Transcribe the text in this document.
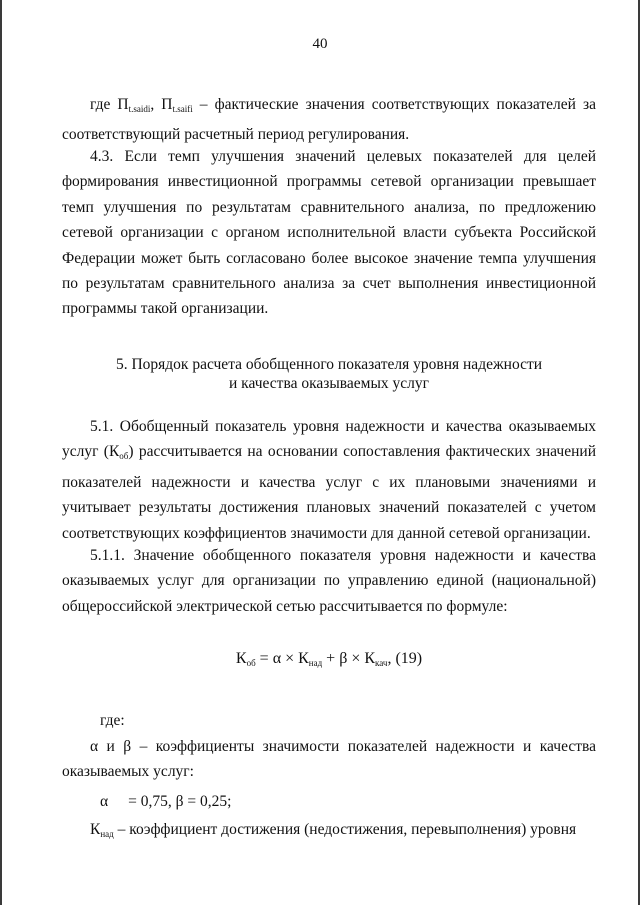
40

где $П_{t.saidi}$, $П_{t.saifi}$ – фактические значения соответствующих показателей за соответствующий расчетный период регулирования.

4.3. Если темп улучшения значений целевых показателей для целей формирования инвестиционной программы сетевой организации превышает темп улучшения по результатам сравнительного анализа, по предложению сетевой организации с органом исполнительной власти субъекта Российской Федерации может быть согласовано более высокое значение темпа улучшения по результатам сравнительного анализа за счет выполнения инвестиционной программы такой организации.

5. Порядок расчета обобщенного показателя уровня надежности
и качества оказываемых услуг

5.1. Обобщенный показатель уровня надежности и качества оказываемых услуг $(К_{об})$ рассчитывается на основании сопоставления фактических значений показателей надежности и качества услуг с их плановыми значениями и учитывает результаты достижения плановых значений показателей с учетом соответствующих коэффициентов значимости для данной сетевой организации.

5.1.1. Значение обобщенного показателя уровня надежности и качества оказываемых услуг для организации по управлению единой (национальной) общероссийской электрической сетью рассчитывается по формуле:

$К_{об} = \alpha \times К_{над} + \beta \times К_{кач}$, (19)

где:

α и β – коэффициенты значимости показателей надежности и качества оказываемых услуг:

α = 0,75, β = 0,25;

$К_{над}$ – коэффициент достижения (недостижения, перевыполнения) уровня
